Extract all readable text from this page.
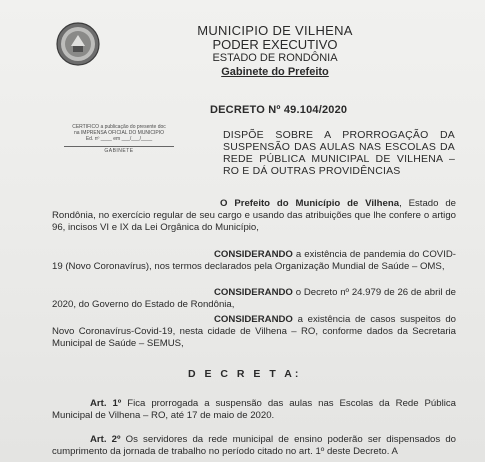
MUNICIPIO DE VILHENA
PODER EXECUTIVO
ESTADO DE RONDÔNIA
Gabinete do Prefeito
DECRETO Nº 49.104/2020
CERTIFICO a publicação do presente doc
na IMPRENSA OFICIAL DO MUNICIPIO
Ed. nº ____ em ___/___/____
GABINETE
DISPÕE SOBRE A PRORROGAÇÃO DA SUSPENSÃO DAS AULAS NAS ESCOLAS DA REDE PÚBLICA MUNICIPAL DE VILHENA –RO E DÁ OUTRAS PROVIDÊNCIAS
O Prefeito do Município de Vilhena, Estado de Rondônia, no exercício regular de seu cargo e usando das atribuições que lhe confere o artigo 96, incisos VI e IX da Lei Orgânica do Município,
CONSIDERANDO a existência de pandemia do COVID-19 (Novo Coronavírus), nos termos declarados pela Organização Mundial de Saúde – OMS,
CONSIDERANDO o Decreto nº 24.979 de 26 de abril de 2020, do Governo do Estado de Rondônia,
CONSIDERANDO a existência de casos suspeitos do Novo Coronavírus-Covid-19, nesta cidade de Vilhena – RO, conforme dados da Secretaria Municipal de Saúde – SEMUS,
D E C R E T A:
Art. 1º Fica prorrogada a suspensão das aulas nas Escolas da Rede Pública Municipal de Vilhena – RO, até 17 de maio de 2020.
Art. 2º Os servidores da rede municipal de ensino poderão ser dispensados do cumprimento da jornada de trabalho no período citado no art. 1º deste Decreto. A
